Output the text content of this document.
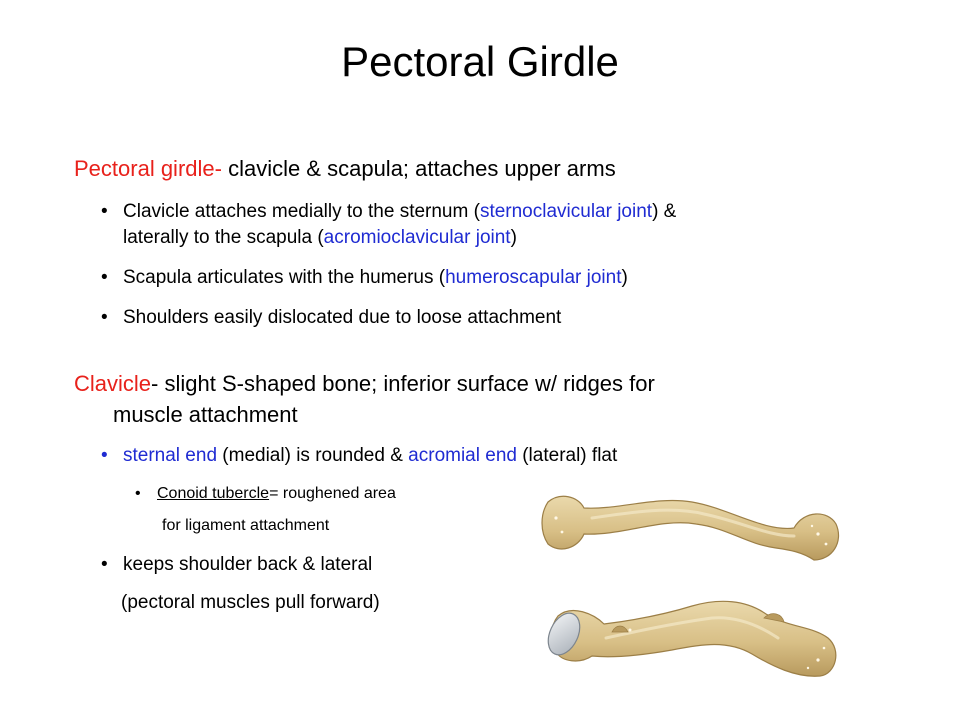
Pectoral Girdle

Pectoral girdle- clavicle & scapula; attaches upper arms

• Clavicle attaches medially to the sternum (sternoclavicular joint) &

laterally to the scapula (acromioclavicular joint)

• Scapula articulates with the humerus (humeroscapular joint)

• Shoulders easily dislocated due to loose attachment

Clavicle- slight S-shaped bone; inferior surface w/ ridges for

muscle attachment

• sternal end (medial) is rounded & acromial end (lateral) flat

• Conoid tubercle= roughened area

for ligament attachment

• keeps shoulder back & lateral

(pectoral muscles pull forward)
